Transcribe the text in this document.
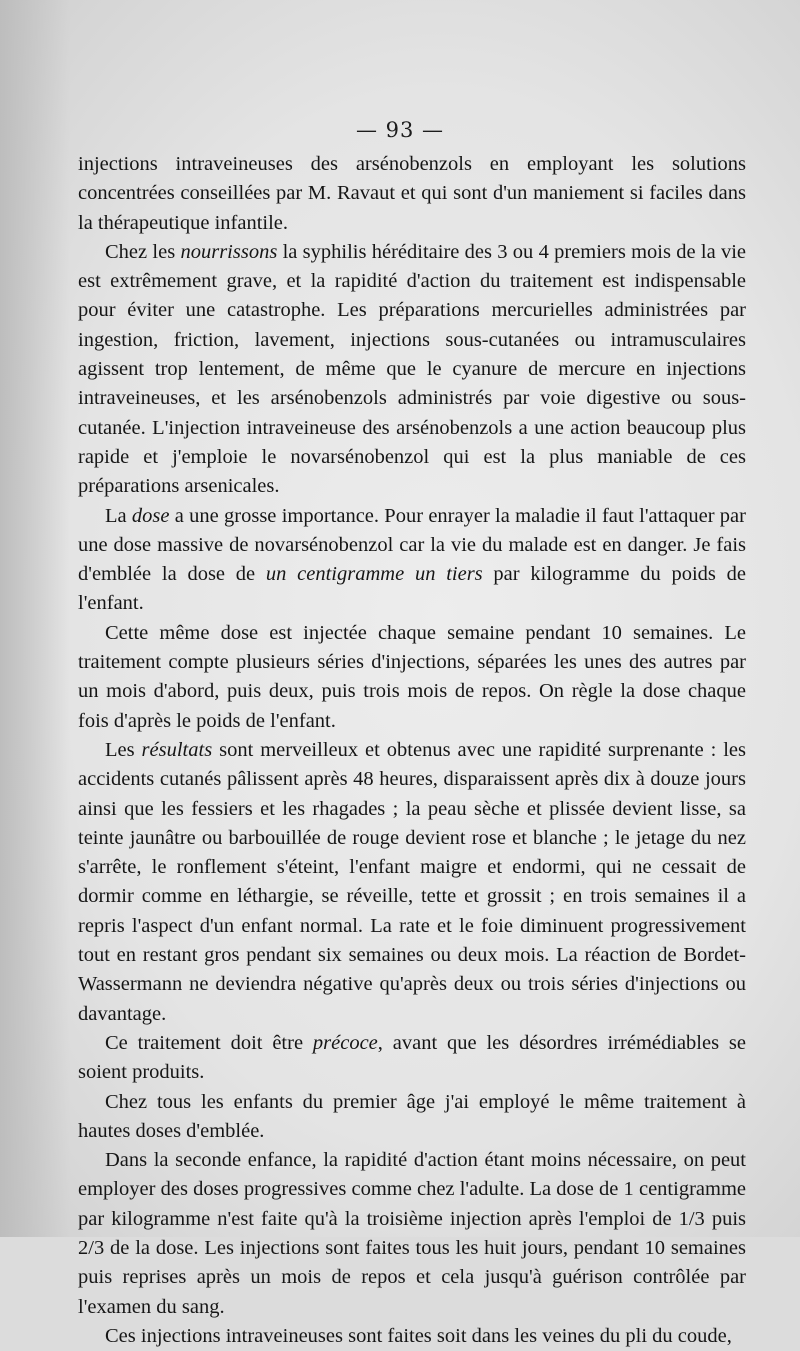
— 93 —

injections intraveineuses des arsénobenzols en employant les solutions concentrées conseillées par M. Ravaut et qui sont d'un maniement si faciles dans la thérapeutique infantile.

Chez les nourrissons la syphilis héréditaire des 3 ou 4 premiers mois de la vie est extrêmement grave, et la rapidité d'action du traitement est indispensable pour éviter une catastrophe. Les préparations mercurielles administrées par ingestion, friction, lavement, injections sous-cutanées ou intramusculaires agissent trop lentement, de même que le cyanure de mercure en injections intraveineuses, et les arsénobenzols administrés par voie digestive ou sous-cutanée. L'injection intraveineuse des arsénobenzols a une action beaucoup plus rapide et j'emploie le novarsénobenzol qui est la plus maniable de ces préparations arsenicales.

La dose a une grosse importance. Pour enrayer la maladie il faut l'attaquer par une dose massive de novarsénobenzol car la vie du malade est en danger. Je fais d'emblée la dose de un centigramme un tiers par kilogramme du poids de l'enfant.

Cette même dose est injectée chaque semaine pendant 10 semaines. Le traitement compte plusieurs séries d'injections, séparées les unes des autres par un mois d'abord, puis deux, puis trois mois de repos. On règle la dose chaque fois d'après le poids de l'enfant.

Les résultats sont merveilleux et obtenus avec une rapidité surprenante : les accidents cutanés pâlissent après 48 heures, disparaissent après dix à douze jours ainsi que les fessiers et les rhagades ; la peau sèche et plissée devient lisse, sa teinte jaunâtre ou barbouillée de rouge devient rose et blanche ; le jetage du nez s'arrête, le ronflement s'éteint, l'enfant maigre et endormi, qui ne cessait de dormir comme en léthargie, se réveille, tette et grossit ; en trois semaines il a repris l'aspect d'un enfant normal. La rate et le foie diminuent progressivement tout en restant gros pendant six semaines ou deux mois. La réaction de Bordet-Wassermann ne deviendra négative qu'après deux ou trois séries d'injections ou davantage.

Ce traitement doit être précoce, avant que les désordres irrémédiables se soient produits.

Chez tous les enfants du premier âge j'ai employé le même traitement à hautes doses d'emblée.

Dans la seconde enfance, la rapidité d'action étant moins nécessaire, on peut employer des doses progressives comme chez l'adulte. La dose de 1 centigramme par kilogramme n'est faite qu'à la troisième injection après l'emploi de 1/3 puis 2/3 de la dose. Les injections sont faites tous les huit jours, pendant 10 semaines puis reprises après un mois de repos et cela jusqu'à guérison contrôlée par l'examen du sang.

Ces injections intraveineuses sont faites soit dans les veines du pli du coude,
